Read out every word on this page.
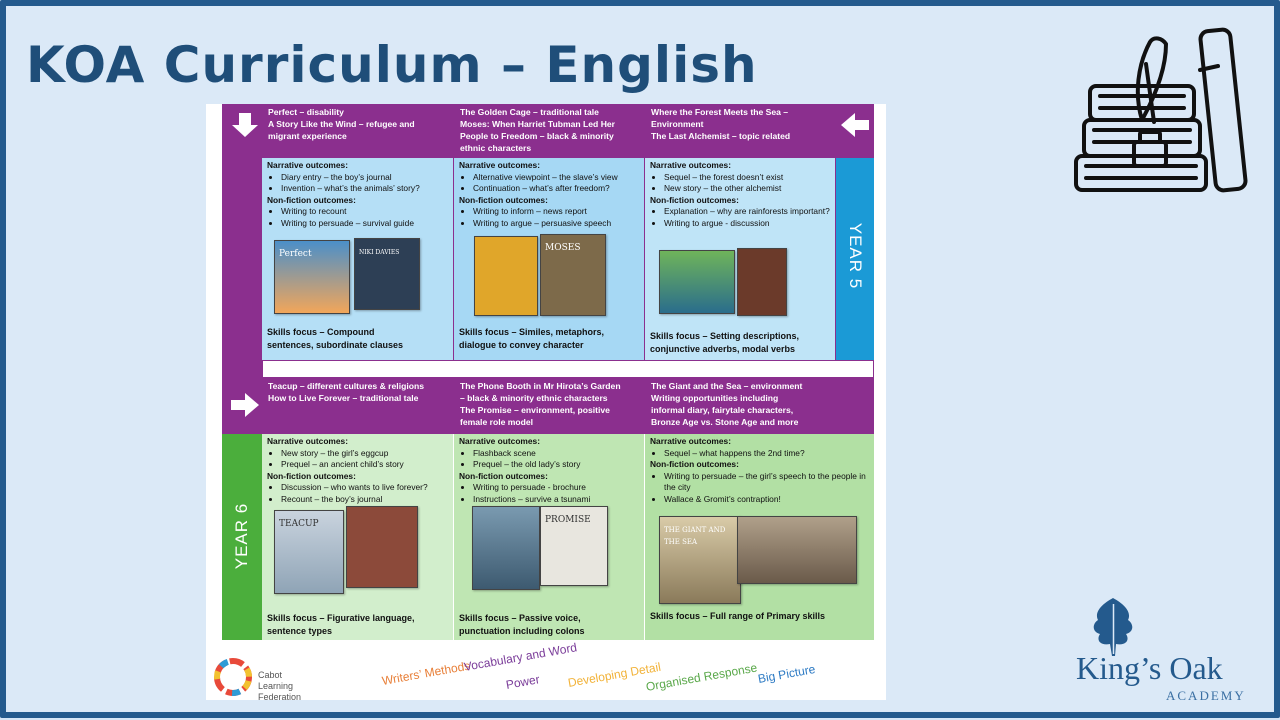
KOA Curriculum – English
King’s Oak
ACADEMY
Perfect – disability
A Story Like the Wind – refugee and
migrant experience
The Golden Cage – traditional tale
Moses: When Harriet Tubman Led Her
People to Freedom – black & minority
ethnic characters
Where the Forest Meets the Sea –
Environment
The Last Alchemist – topic related
YEAR 5
Narrative outcomes:
• Diary entry – the boy’s journal
• Invention – what’s the animals’ story?
Non-fiction outcomes:
• Writing to recount
• Writing to persuade – survival guide
Perfect	NIKI DAVIES
Skills focus – Compound
sentences, subordinate clauses
Narrative outcomes:
• Alternative viewpoint – the slave’s view
• Continuation – what’s after freedom?
Non-fiction outcomes:
• Writing to inform – news report
• Writing to argue – persuasive speech
MOSES
Skills focus – Similes, metaphors,
dialogue to convey character
Narrative outcomes:
• Sequel – the forest doesn’t exist
• New story – the other alchemist
Non-fiction outcomes:
• Explanation – why are rainforests important?
• Writing to argue - discussion
Skills focus – Setting descriptions,
conjunctive adverbs, modal verbs
Teacup – different cultures & religions
How to Live Forever – traditional tale
The Phone Booth in Mr Hirota’s Garden
– black & minority ethnic characters
The Promise – environment, positive
female role model
The Giant and the Sea – environment
Writing opportunities including
informal diary, fairytale characters,
Bronze Age vs. Stone Age and more
YEAR 6
Narrative outcomes:
• New story – the girl’s eggcup
• Prequel – an ancient child’s story
Non-fiction outcomes:
• Discussion – who wants to live forever?
• Recount – the boy’s journal
TEACUP
Skills focus – Figurative language,
sentence types
Narrative outcomes:
• Flashback scene
• Prequel – the old lady’s story
Non-fiction outcomes:
• Writing to persuade - brochure
• Instructions – survive a tsunami
PROMISE
Skills focus – Passive voice,
punctuation including colons
Narrative outcomes:
• Sequel – what happens the 2nd time?
Non-fiction outcomes:
• Writing to persuade – the girl’s speech to the people in the city
• Wallace & Gromit’s contraption!
THE GIANT AND THE SEA
Skills focus – Full range of Primary skills
Cabot
Learning
Federation
Writers’ Methods
Vocabulary and Word
Power Developing Detail
Organised Response
Big Picture
